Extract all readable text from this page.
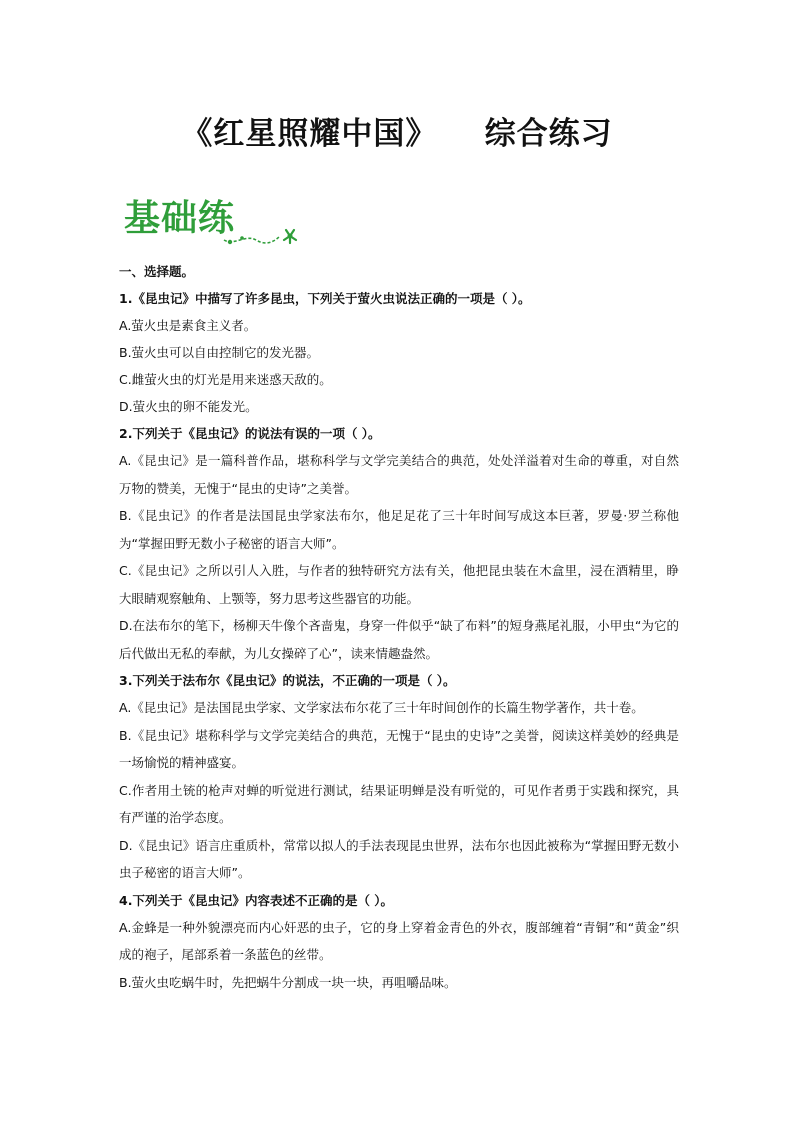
《红星照耀中国》    综合练习
基础练

一、选择题。

1.《昆虫记》中描写了许多昆虫，下列关于萤火虫说法正确的一项是（ ）。

A.萤火虫是素食主义者。

B.萤火虫可以自由控制它的发光器。

C.雌萤火虫的灯光是用来迷惑天敌的。

D.萤火虫的卵不能发光。

2.下列关于《昆虫记》的说法有误的一项（ ）。

A.《昆虫记》是一篇科普作品，堪称科学与文学完美结合的典范，处处洋溢着对生命的尊重，对自然万物的赞美，无愧于“昆虫的史诗”之美誉。

B.《昆虫记》的作者是法国昆虫学家法布尔，他足足花了三十年时间写成这本巨著，罗曼·罗兰称他为“掌握田野无数小子秘密的语言大师”。

C.《昆虫记》之所以引人入胜，与作者的独特研究方法有关，他把昆虫装在木盒里，浸在酒精里，睁大眼睛观察触角、上颚等，努力思考这些器官的功能。

D.在法布尔的笔下，杨柳天牛像个吝啬鬼，身穿一件似乎“缺了布料”的短身燕尾礼服，小甲虫“为它的后代做出无私的奉献，为儿女操碎了心”，读来情趣盎然。

3.下列关于法布尔《昆虫记》的说法，不正确的一项是（ ）。

A.《昆虫记》是法国昆虫学家、文学家法布尔花了三十年时间创作的长篇生物学著作，共十卷。

B.《昆虫记》堪称科学与文学完美结合的典范，无愧于“昆虫的史诗”之美誉，阅读这样美妙的经典是一场愉悦的精神盛宴。

C.作者用土铳的枪声对蝉的听觉进行测试，结果证明蝉是没有听觉的，可见作者勇于实践和探究，具有严谨的治学态度。

D.《昆虫记》语言庄重质朴，常常以拟人的手法表现昆虫世界，法布尔也因此被称为“掌握田野无数小虫子秘密的语言大师”。

4.下列关于《昆虫记》内容表述不正确的是（ ）。

A.金蜂是一种外貌漂亮而内心奸恶的虫子，它的身上穿着金青色的外衣，腹部缠着“青铜”和“黄金”织成的袍子，尾部系着一条蓝色的丝带。

B.萤火虫吃蜗牛时，先把蜗牛分割成一块一块，再咀嚼品味。
